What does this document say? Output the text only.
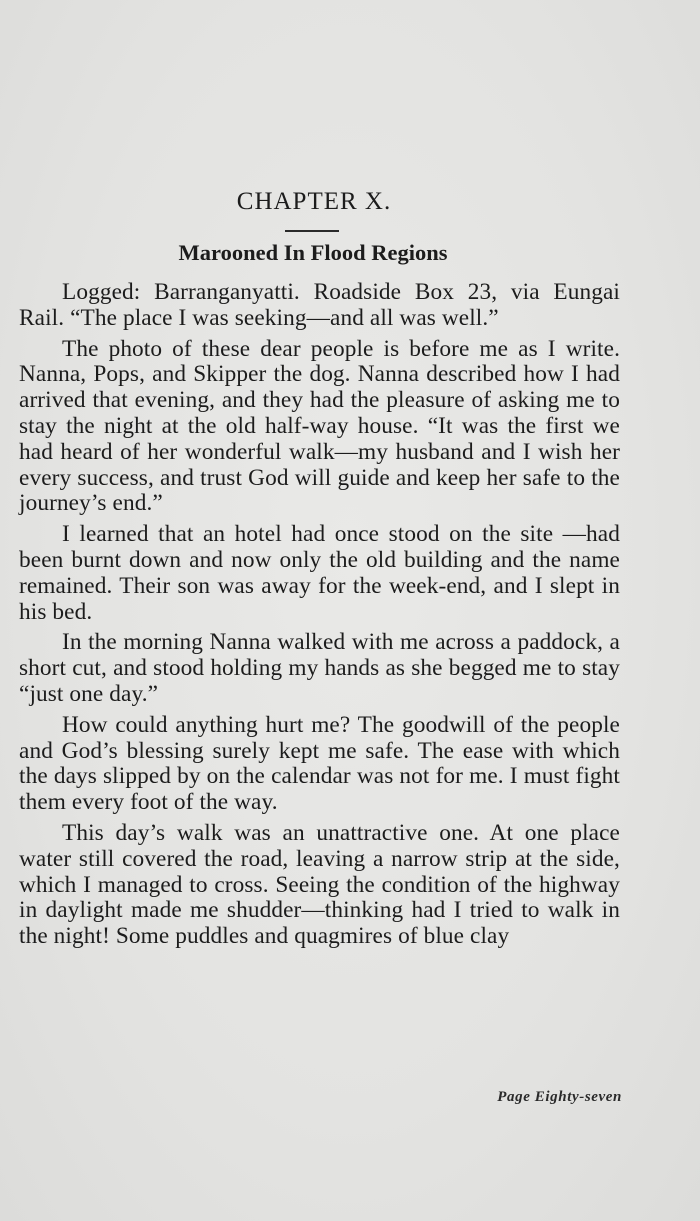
CHAPTER X.
Marooned In Flood Regions

Logged: Barranganyatti. Roadside Box 23, via Eungai Rail. “The place I was seeking—and all was well.”

The photo of these dear people is before me as I write. Nanna, Pops, and Skipper the dog. Nanna described how I had arrived that evening, and they had the pleasure of asking me to stay the night at the old half-way house. “It was the first we had heard of her wonderful walk—my husband and I wish her every success, and trust God will guide and keep her safe to the journey’s end.”

I learned that an hotel had once stood on the site —had been burnt down and now only the old building and the name remained. Their son was away for the week-end, and I slept in his bed.

In the morning Nanna walked with me across a paddock, a short cut, and stood holding my hands as she begged me to stay “just one day.”

How could anything hurt me? The goodwill of the people and God’s blessing surely kept me safe. The ease with which the days slipped by on the calendar was not for me. I must fight them every foot of the way.

This day’s walk was an unattractive one. At one place water still covered the road, leaving a narrow strip at the side, which I managed to cross. Seeing the condition of the highway in daylight made me shudder—thinking had I tried to walk in the night! Some puddles and quagmires of blue clay

Page Eighty-seven
